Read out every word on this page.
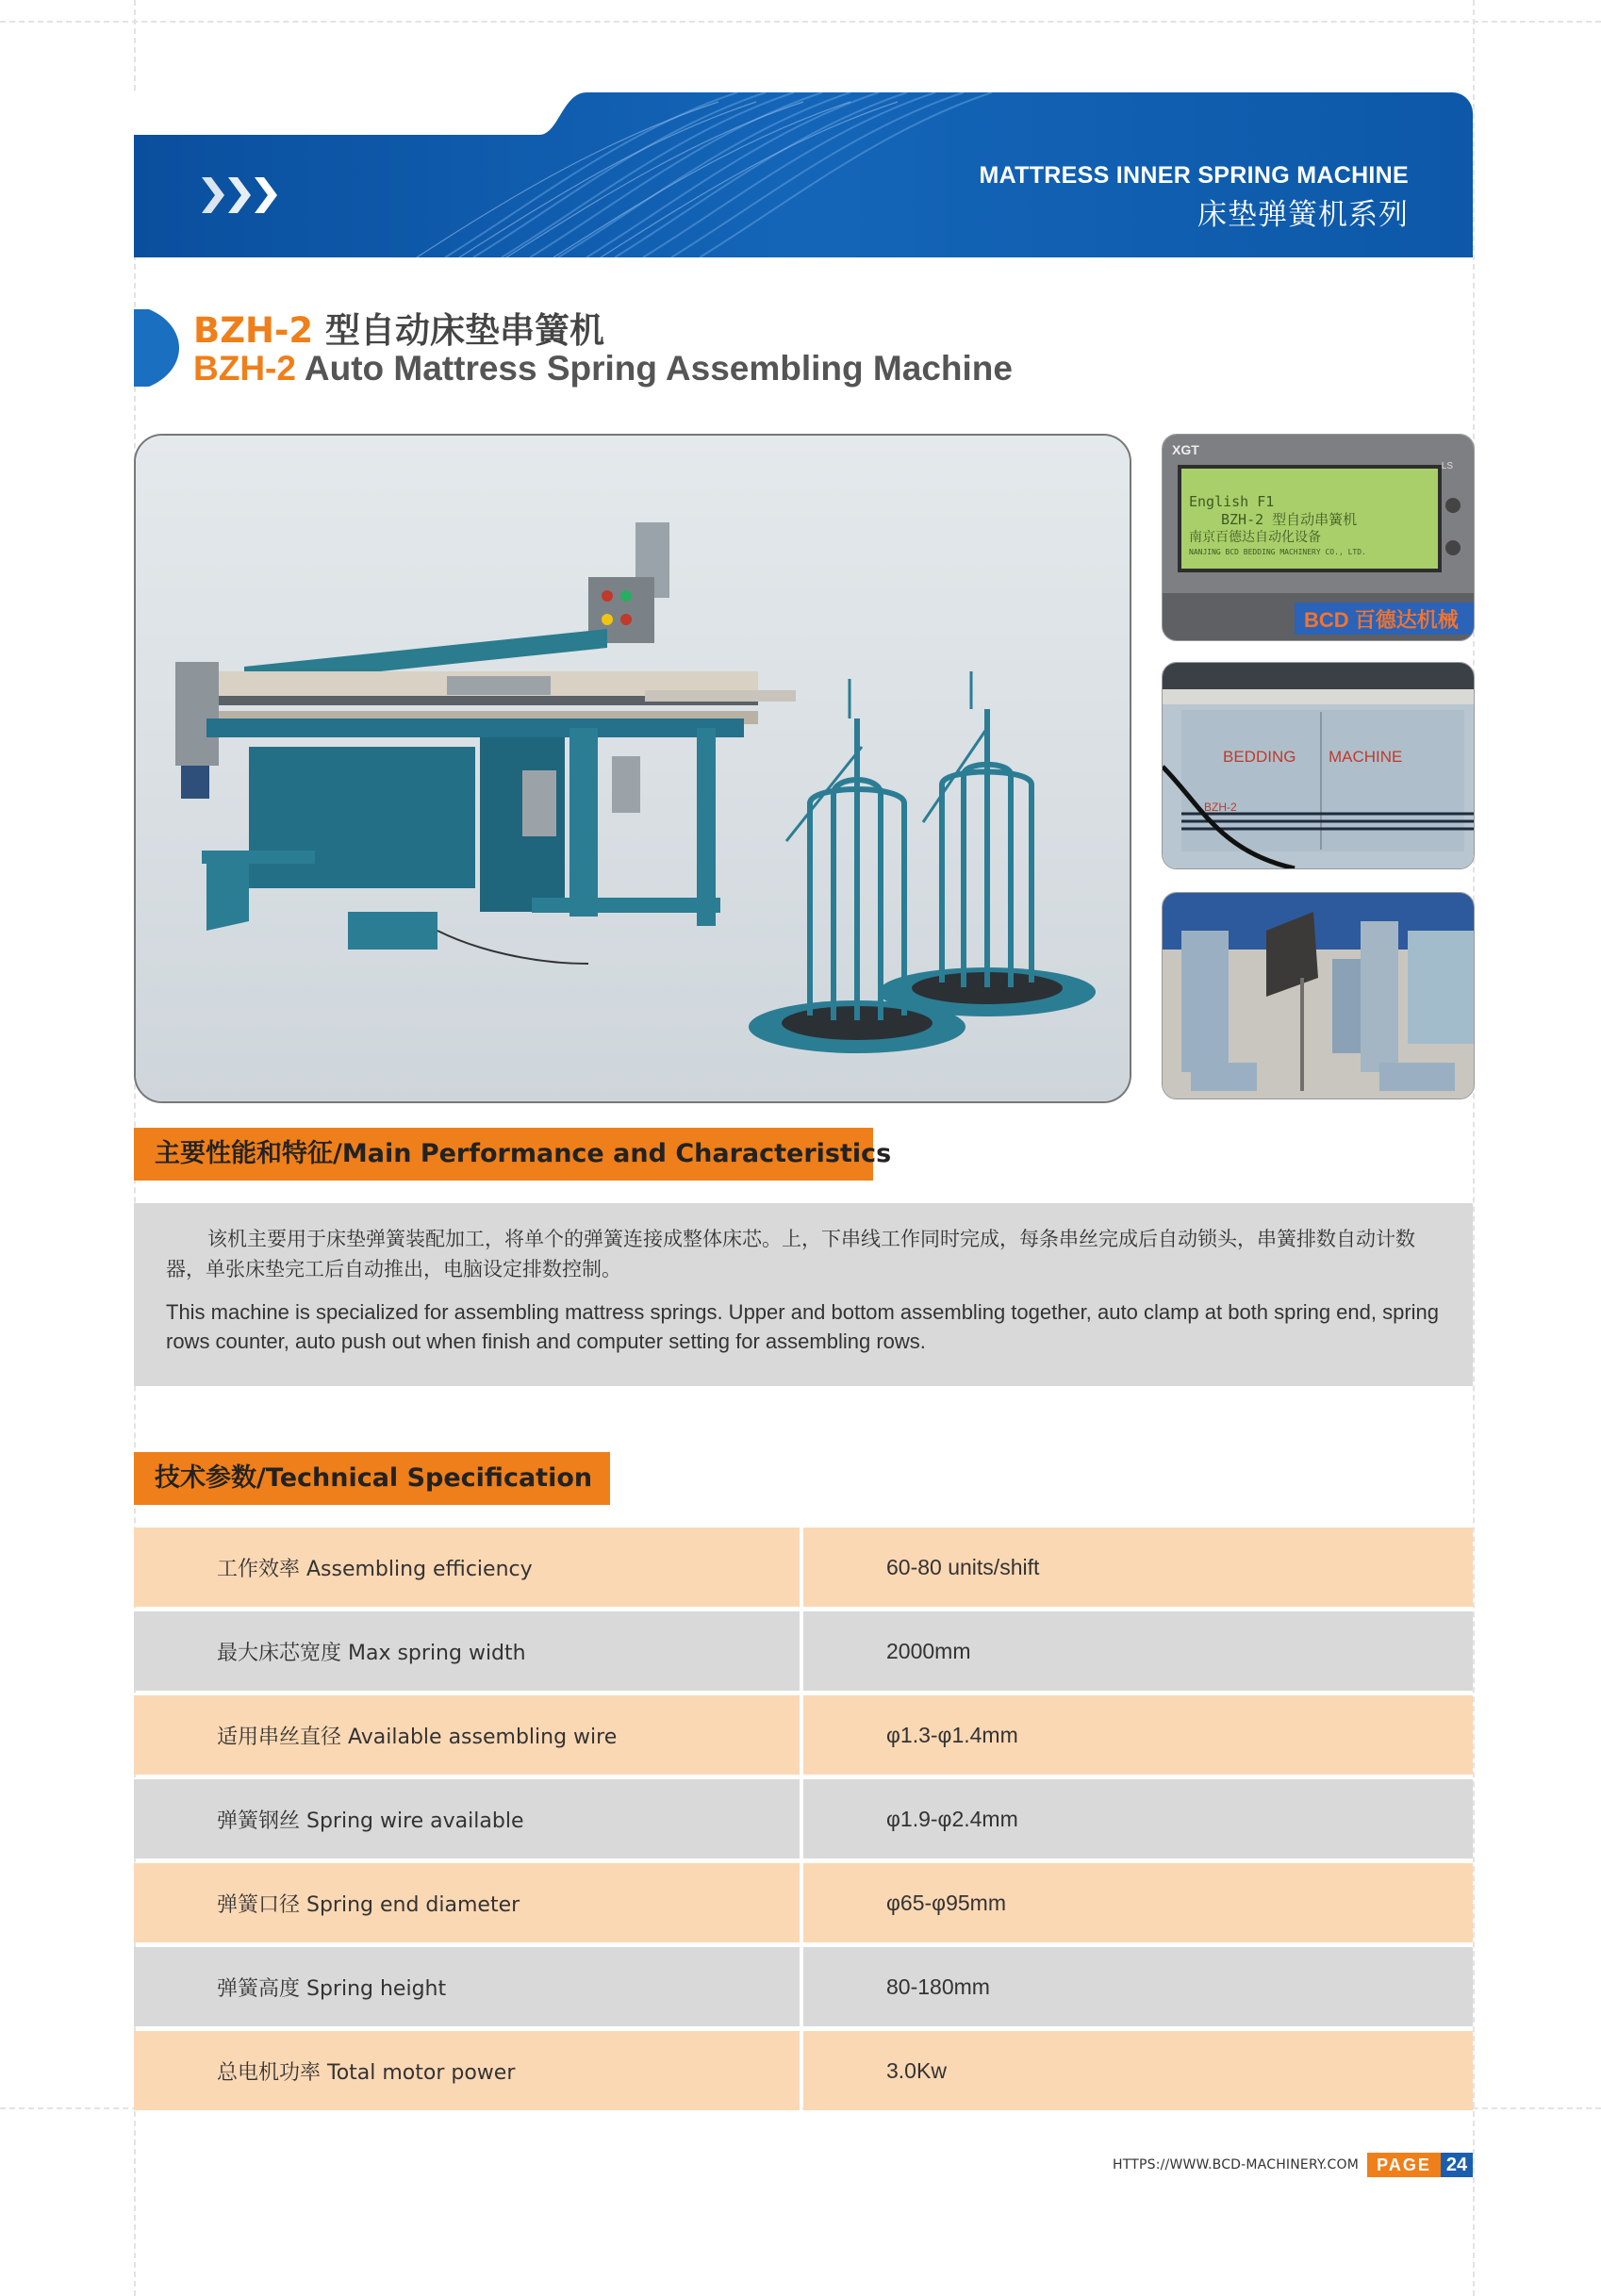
MATTRESS INNER SPRING MACHINE
床垫弹簧机系列
BZH-2 型自动床垫串簧机
BZH-2 Auto Mattress Spring Assembling Machine
XGT
LS
English F1
BZH-2 型自动串簧机
南京百德达自动化设备
NANJING BCD BEDDING MACHINERY CO., LTD.
BCD 百德达机械
BEDDING MACHINE
BZH-2
主要性能和特征/Main Performance and Characteristics

该机主要用于床垫弹簧装配加工，将单个的弹簧连接成整体床芯。上，下串线工作同时完成，每条串丝完成后自动锁头，串簧排数自动计数器，单张床垫完工后自动推出，电脑设定排数控制。

This machine is specialized for assembling mattress springs. Upper and bottom assembling together, auto clamp at both spring end, spring rows counter, auto push out when finish and computer setting for assembling rows.

技术参数/Technical Specification
工作效率 Assembling efficiency	60-80 units/shift
最大床芯宽度 Max spring width	2000mm
适用串丝直径 Available assembling wire	φ1.3-φ1.4mm
弹簧钢丝 Spring wire available	φ1.9-φ2.4mm
弹簧口径 Spring end diameter	φ65-φ95mm
弹簧高度 Spring height	80-180mm
总电机功率 Total motor power	3.0Kw
HTTPS://WWW.BCD-MACHINERY.COM	PAGE 24
